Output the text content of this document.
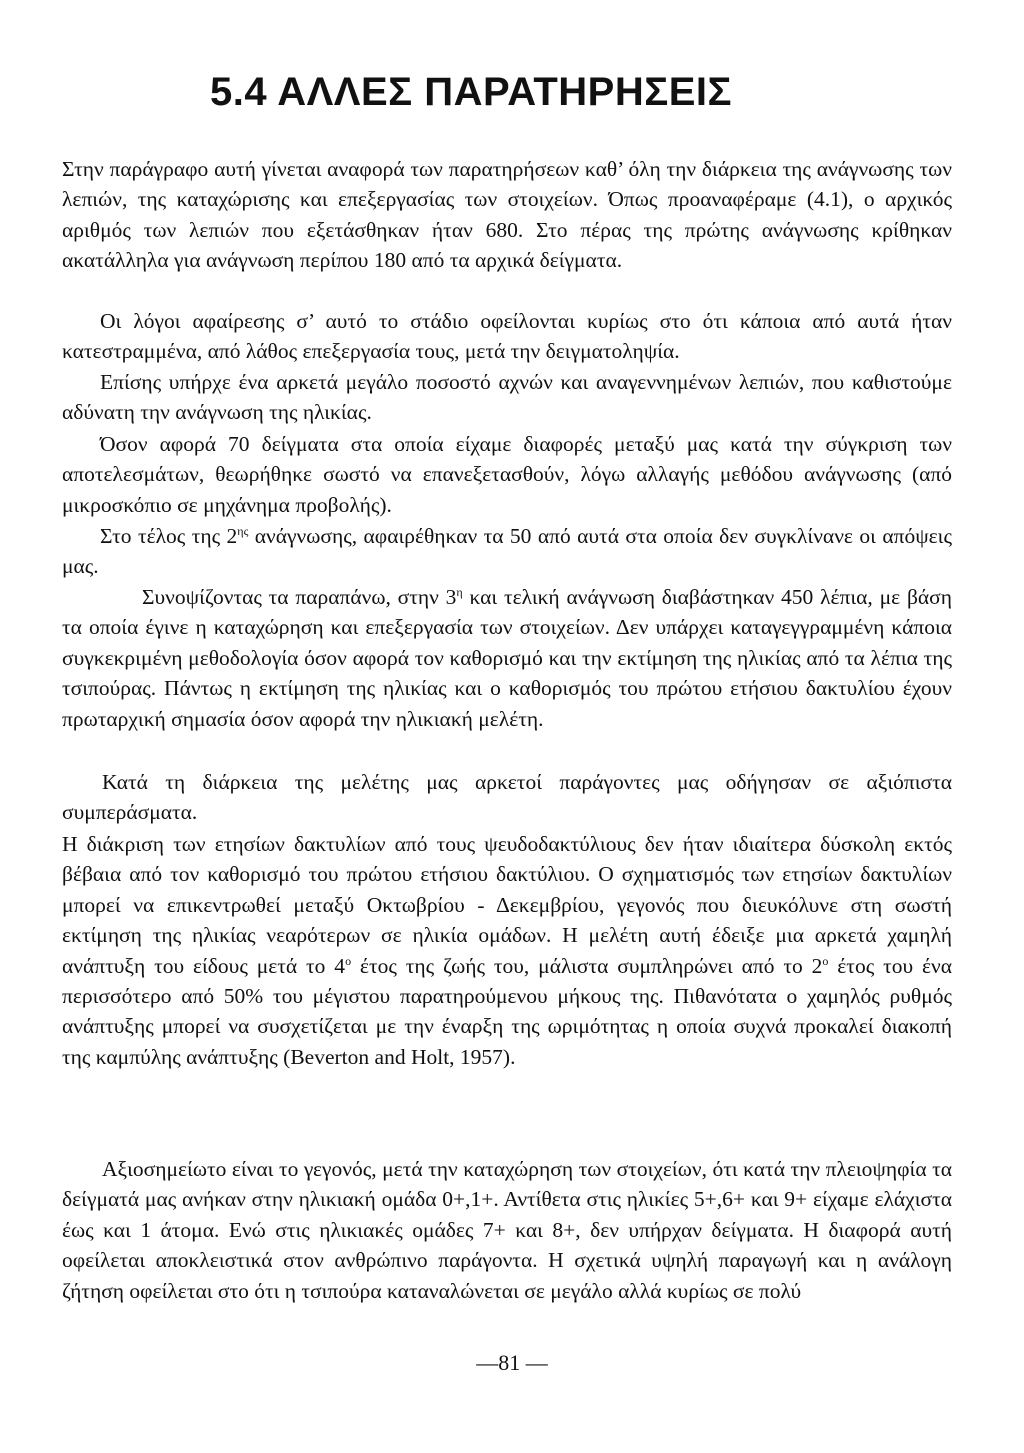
5.4 ΑΛΛΕΣ ΠΑΡΑΤΗΡΗΣΕΙΣ

Στην παράγραφο αυτή γίνεται αναφορά των παρατηρήσεων καθ’ όλη την διάρκεια της ανάγνωσης των λεπιών, της καταχώρισης και επεξεργασίας των στοιχείων. Όπως προαναφέραμε (4.1), ο αρχικός αριθμός των λεπιών που εξετάσθηκαν ήταν 680. Στο πέρας της πρώτης ανάγνωσης κρίθηκαν ακατάλληλα για ανάγνωση περίπου 180 από τα αρχικά δείγματα.

Οι λόγοι αφαίρεσης σ’ αυτό το στάδιο οφείλονται κυρίως στο ότι κάποια από αυτά ήταν κατεστραμμένα, από λάθος επεξεργασία τους, μετά την δειγματοληψία.

Επίσης υπήρχε ένα αρκετά μεγάλο ποσοστό αχνών και αναγεννημένων λεπιών, που καθιστούμε αδύνατη την ανάγνωση της ηλικίας.

Όσον αφορά 70 δείγματα στα οποία είχαμε διαφορές μεταξύ μας κατά την σύγκριση των αποτελεσμάτων, θεωρήθηκε σωστό να επανεξετασθούν, λόγω αλλαγής μεθόδου ανάγνωσης (από μικροσκόπιο σε μηχάνημα προβολής).

Στο τέλος της $2^{\eta\varsigma}$ ανάγνωσης, αφαιρέθηκαν τα 50 από αυτά στα οποία δεν συγκλίνανε οι απόψεις μας.

Συνοψίζοντας τα παραπάνω, στην $3^\eta$ και τελική ανάγνωση διαβάστηκαν 450 λέπια, με βάση τα οποία έγινε η καταχώρηση και επεξεργασία των στοιχείων. Δεν υπάρχει καταγεγγραμμένη κάποια συγκεκριμένη μεθοδολογία όσον αφορά τον καθορισμό και την εκτίμηση της ηλικίας από τα λέπια της τσιπούρας. Πάντως η εκτίμηση της ηλικίας και ο καθορισμός του πρώτου ετήσιου δακτυλίου έχουν πρωταρχική σημασία όσον αφορά την ηλικιακή μελέτη.

Κατά τη διάρκεια της μελέτης μας αρκετοί παράγοντες μας οδήγησαν σε αξιόπιστα συμπεράσματα.

Η διάκριση των ετησίων δακτυλίων από τους ψευδοδακτύλιους δεν ήταν ιδιαίτερα δύσκολη εκτός βέβαια από τον καθορισμό του πρώτου ετήσιου δακτύλιου. Ο σχηματισμός των ετησίων δακτυλίων μπορεί να επικεντρωθεί μεταξύ Οκτωβρίου - Δεκεμβρίου, γεγονός που διευκόλυνε στη σωστή εκτίμηση της ηλικίας νεαρότερων σε ηλικία ομάδων. Η μελέτη αυτή έδειξε μια αρκετά χαμηλή ανάπτυξη του είδους μετά το $4^o$ έτος της ζωής του, μάλιστα συμπληρώνει από το $2^o$ έτος του ένα περισσότερο από 50% του μέγιστου παρατηρούμενου μήκους της. Πιθανότατα ο χαμηλός ρυθμός ανάπτυξης μπορεί να συσχετίζεται με την έναρξη της ωριμότητας η οποία συχνά προκαλεί διακοπή της καμπύλης ανάπτυξης (Beverton and Holt, 1957).

Αξιοσημείωτο είναι το γεγονός, μετά την καταχώρηση των στοιχείων, ότι κατά την πλειοψηφία τα δείγματά μας ανήκαν στην ηλικιακή ομάδα 0+,1+. Αντίθετα στις ηλικίες 5+,6+ και 9+ είχαμε ελάχιστα έως και 1 άτομα. Ενώ στις ηλικιακές ομάδες 7+ και 8+, δεν υπήρχαν δείγματα. Η διαφορά αυτή οφείλεται αποκλειστικά στον ανθρώπινο παράγοντα. Η σχετικά υψηλή παραγωγή και η ανάλογη ζήτηση οφείλεται στο ότι η τσιπούρα καταναλώνεται σε μεγάλο αλλά κυρίως σε πολύ

—81 —
